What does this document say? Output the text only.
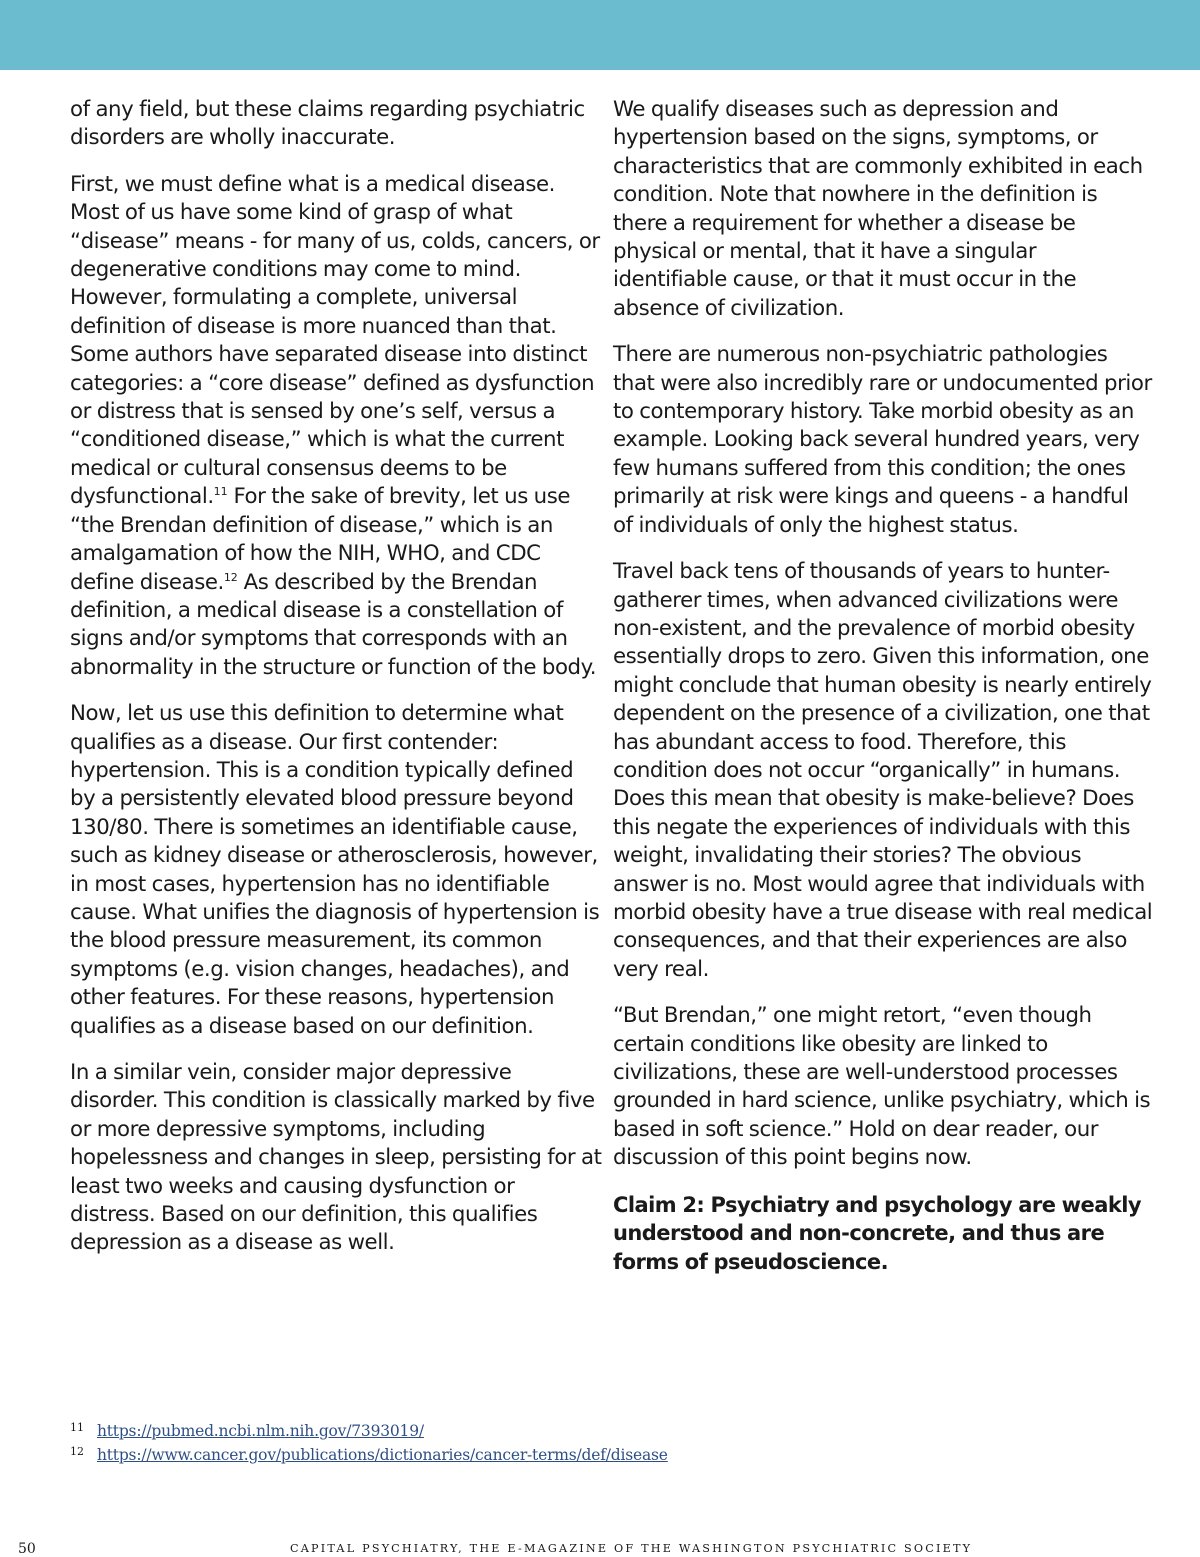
of any field, but these claims regarding psychiatric disorders are wholly inaccurate.

First, we must define what is a medical disease. Most of us have some kind of grasp of what “disease” means - for many of us, colds, cancers, or degenerative conditions may come to mind. However, formulating a complete, universal definition of disease is more nuanced than that. Some authors have separated disease into distinct categories: a “core disease” defined as dysfunction or distress that is sensed by one’s self, versus a “conditioned disease,” which is what the current medical or cultural consensus deems to be dysfunctional.$^{11}$ For the sake of brevity, let us use “the Brendan definition of disease,” which is an amalgamation of how the NIH, WHO, and CDC define disease.$^{12}$ As described by the Brendan definition, a medical disease is a constellation of signs and/or symptoms that corresponds with an abnormality in the structure or function of the body.

Now, let us use this definition to determine what qualifies as a disease. Our first contender: hypertension. This is a condition typically defined by a persistently elevated blood pressure beyond 130/80. There is sometimes an identifiable cause, such as kidney disease or atherosclerosis, however, in most cases, hypertension has no identifiable cause. What unifies the diagnosis of hypertension is the blood pressure measurement, its common symptoms (e.g. vision changes, headaches), and other features. For these reasons, hypertension qualifies as a disease based on our definition.

In a similar vein, consider major depressive disorder. This condition is classically marked by five or more depressive symptoms, including hopelessness and changes in sleep, persisting for at least two weeks and causing dysfunction or distress. Based on our definition, this qualifies depression as a disease as well.

We qualify diseases such as depression and hypertension based on the signs, symptoms, or characteristics that are commonly exhibited in each condition. Note that nowhere in the definition is there a requirement for whether a disease be physical or mental, that it have a singular identifiable cause, or that it must occur in the absence of civilization.

There are numerous non-psychiatric pathologies that were also incredibly rare or undocumented prior to contemporary history. Take morbid obesity as an example. Looking back several hundred years, very few humans suffered from this condition; the ones primarily at risk were kings and queens - a handful of individuals of only the highest status.

Travel back tens of thousands of years to hunter-gatherer times, when advanced civilizations were non-existent, and the prevalence of morbid obesity essentially drops to zero. Given this information, one might conclude that human obesity is nearly entirely dependent on the presence of a civilization, one that has abundant access to food. Therefore, this condition does not occur “organically” in humans. Does this mean that obesity is make-believe? Does this negate the experiences of individuals with this weight, invalidating their stories? The obvious answer is no. Most would agree that individuals with morbid obesity have a true disease with real medical consequences, and that their experiences are also very real.

“But Brendan,” one might retort, “even though certain conditions like obesity are linked to civilizations, these are well-understood processes grounded in hard science, unlike psychiatry, which is based in soft science.” Hold on dear reader, our discussion of this point begins now.

Claim 2: Psychiatry and psychology are weakly understood and non-concrete, and thus are forms of pseudoscience.
11 https://pubmed.ncbi.nlm.nih.gov/7393019/
12 https://www.cancer.gov/publications/dictionaries/cancer-terms/def/disease
50	CAPITAL PSYCHIATRY, THE E-MAGAZINE OF THE WASHINGTON PSYCHIATRIC SOCIETY
